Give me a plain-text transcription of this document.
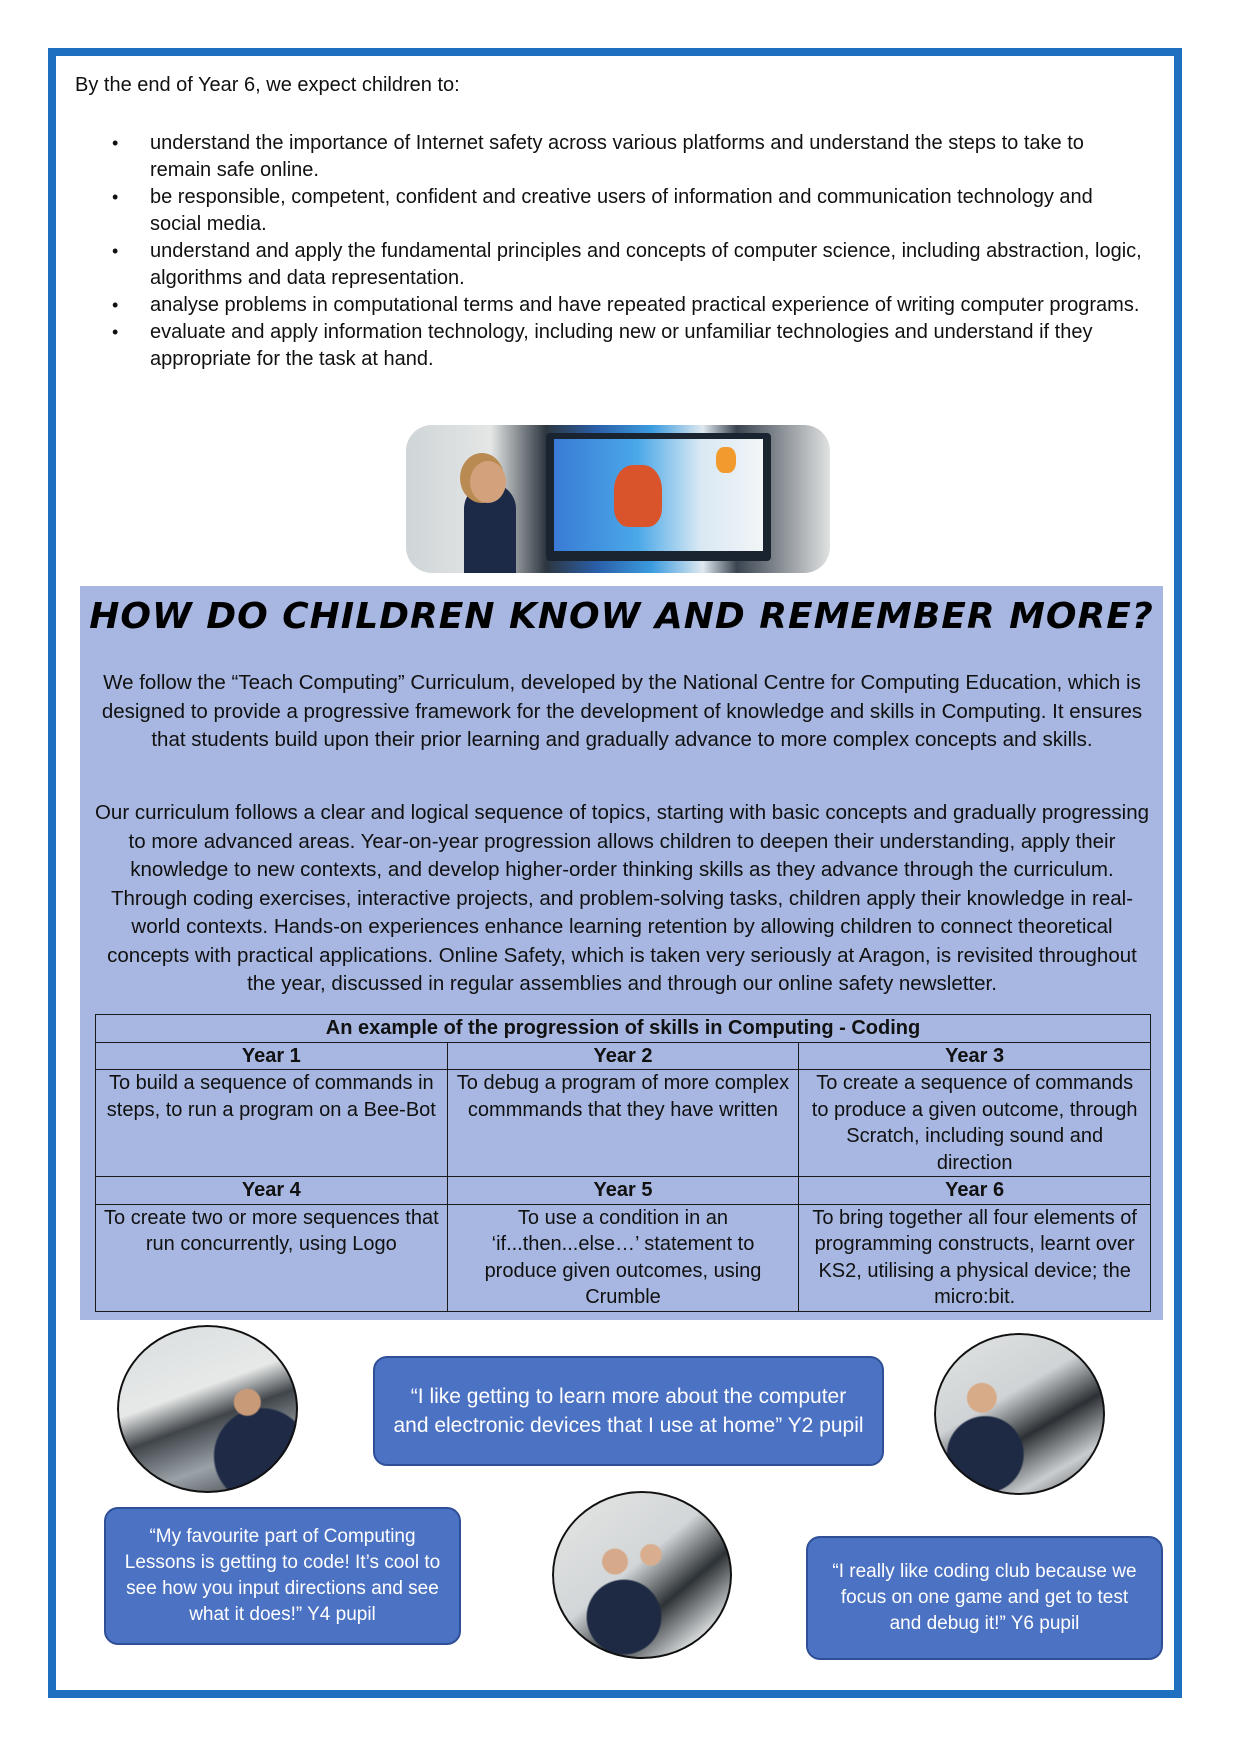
By the end of Year 6, we expect children to:
• understand the importance of Internet safety across various platforms and understand the steps to take to remain safe online.
• be responsible, competent, confident and creative users of information and communication technology and social media.
• understand and apply the fundamental principles and concepts of computer science, including abstraction, logic, algorithms and data representation.
• analyse problems in computational terms and have repeated practical experience of writing computer programs.
• evaluate and apply information technology, including new or unfamiliar technologies and understand if they appropriate for the task at hand.
HOW DO CHILDREN KNOW AND REMEMBER MORE?

We follow the “Teach Computing” Curriculum, developed by the National Centre for Computing Education, which is designed to provide a progressive framework for the development of knowledge and skills in Computing. It ensures that students build upon their prior learning and gradually advance to more complex concepts and skills.

Our curriculum follows a clear and logical sequence of topics, starting with basic concepts and gradually progressing to more advanced areas. Year-on-year progression allows children to deepen their understanding, apply their knowledge to new contexts, and develop higher-order thinking skills as they advance through the curriculum. Through coding exercises, interactive projects, and problem-solving tasks, children apply their knowledge in real-world contexts. Hands-on experiences enhance learning retention by allowing children to connect theoretical concepts with practical applications. Online Safety, which is taken very seriously at Aragon, is revisited throughout the year, discussed in regular assemblies and through our online safety newsletter.

An example of the progression of skills in Computing - Coding		
Year 1	Year 2	Year 3
To build a sequence of commands in steps, to run a program on a Bee-Bot	To debug a program of more complex commmands that they have written	To create a sequence of commands to produce a given outcome, through Scratch, including sound and direction
Year 4	Year 5	Year 6
To create two or more sequences that run concurrently, using Logo	To use a condition in an ‘if...then...else…’ statement to produce given outcomes, using Crumble	To bring together all four elements of programming constructs, learnt over KS2, utilising a physical device; the micro:bit.
“I like getting to learn more about the computer and electronic devices that I use at home” Y2 pupil
“My favourite part of Computing Lessons is getting to code! It’s cool to see how you input directions and see what it does!” Y4 pupil
“I really like coding club because we focus on one game and get to test and debug it!” Y6 pupil
